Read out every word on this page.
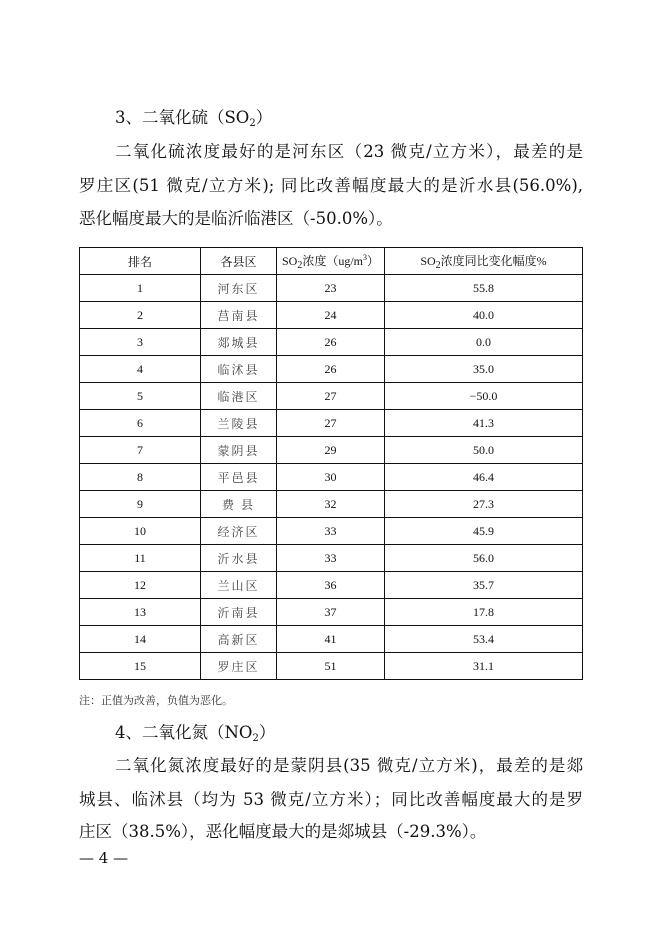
3、二氧化硫$(SO_2)$
二氧化硫浓度最好的是河东区（23 微克/立方米），最差的是
罗庄区(51 微克/立方米); 同比改善幅度最大的是沂水县(56.0%),
恶化幅度最大的是临沂临港区（-50.0%）。
排名	各县区	$SO_2$浓度$(ug/m^3)$	$SO_2$浓度同比变化幅度%
1	河东区	23	55.8
2	莒南县	24	40.0
3	郯城县	26	0.0
4	临沭县	26	35.0
5	临港区	27	−50.0
6	兰陵县	27	41.3
7	蒙阴县	29	50.0
8	平邑县	30	46.4
9	费 县	32	27.3
10	经济区	33	45.9
11	沂水县	33	56.0
12	兰山区	36	35.7
13	沂南县	37	17.8
14	高新区	41	53.4
15	罗庄区	51	31.1
注：正值为改善，负值为恶化。
4、二氧化氮$(NO_2)$
二氧化氮浓度最好的是蒙阴县(35 微克/立方米)，最差的是郯
城县、临沭县（均为 53 微克/立方米）；同比改善幅度最大的是罗
庄区（38.5%），恶化幅度最大的是郯城县（-29.3%）。
— 4 —
